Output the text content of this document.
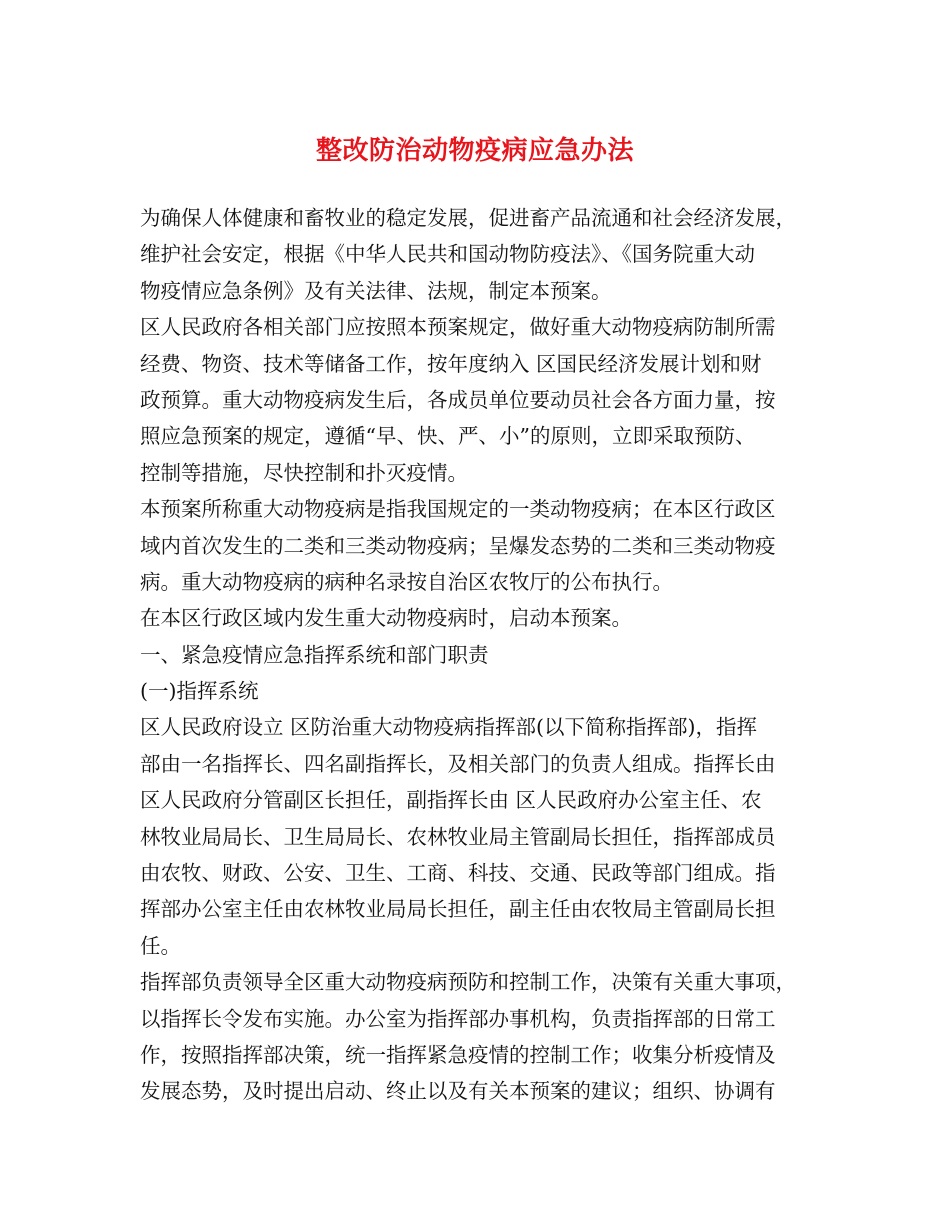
整改防治动物疫病应急办法
为确保人体健康和畜牧业的稳定发展，促进畜产品流通和社会经济发展，
维护社会安定，根据《中华人民共和国动物防疫法》、《国务院重大动
物疫情应急条例》及有关法律、法规，制定本预案。
区人民政府各相关部门应按照本预案规定，做好重大动物疫病防制所需
经费、物资、技术等储备工作，按年度纳入 区国民经济发展计划和财
政预算。重大动物疫病发生后，各成员单位要动员社会各方面力量，按
照应急预案的规定，遵循“早、快、严、小”的原则，立即采取预防、
控制等措施，尽快控制和扑灭疫情。
本预案所称重大动物疫病是指我国规定的一类动物疫病；在本区行政区
域内首次发生的二类和三类动物疫病；呈爆发态势的二类和三类动物疫
病。重大动物疫病的病种名录按自治区农牧厅的公布执行。
在本区行政区域内发生重大动物疫病时，启动本预案。
一、紧急疫情应急指挥系统和部门职责
(一)指挥系统
区人民政府设立 区防治重大动物疫病指挥部(以下简称指挥部)，指挥
部由一名指挥长、四名副指挥长，及相关部门的负责人组成。指挥长由
区人民政府分管副区长担任，副指挥长由 区人民政府办公室主任、农
林牧业局局长、卫生局局长、农林牧业局主管副局长担任，指挥部成员
由农牧、财政、公安、卫生、工商、科技、交通、民政等部门组成。指
挥部办公室主任由农林牧业局局长担任，副主任由农牧局主管副局长担
任。
指挥部负责领导全区重大动物疫病预防和控制工作，决策有关重大事项，
以指挥长令发布实施。办公室为指挥部办事机构，负责指挥部的日常工
作，按照指挥部决策，统一指挥紧急疫情的控制工作；收集分析疫情及
发展态势，及时提出启动、终止以及有关本预案的建议；组织、协调有
